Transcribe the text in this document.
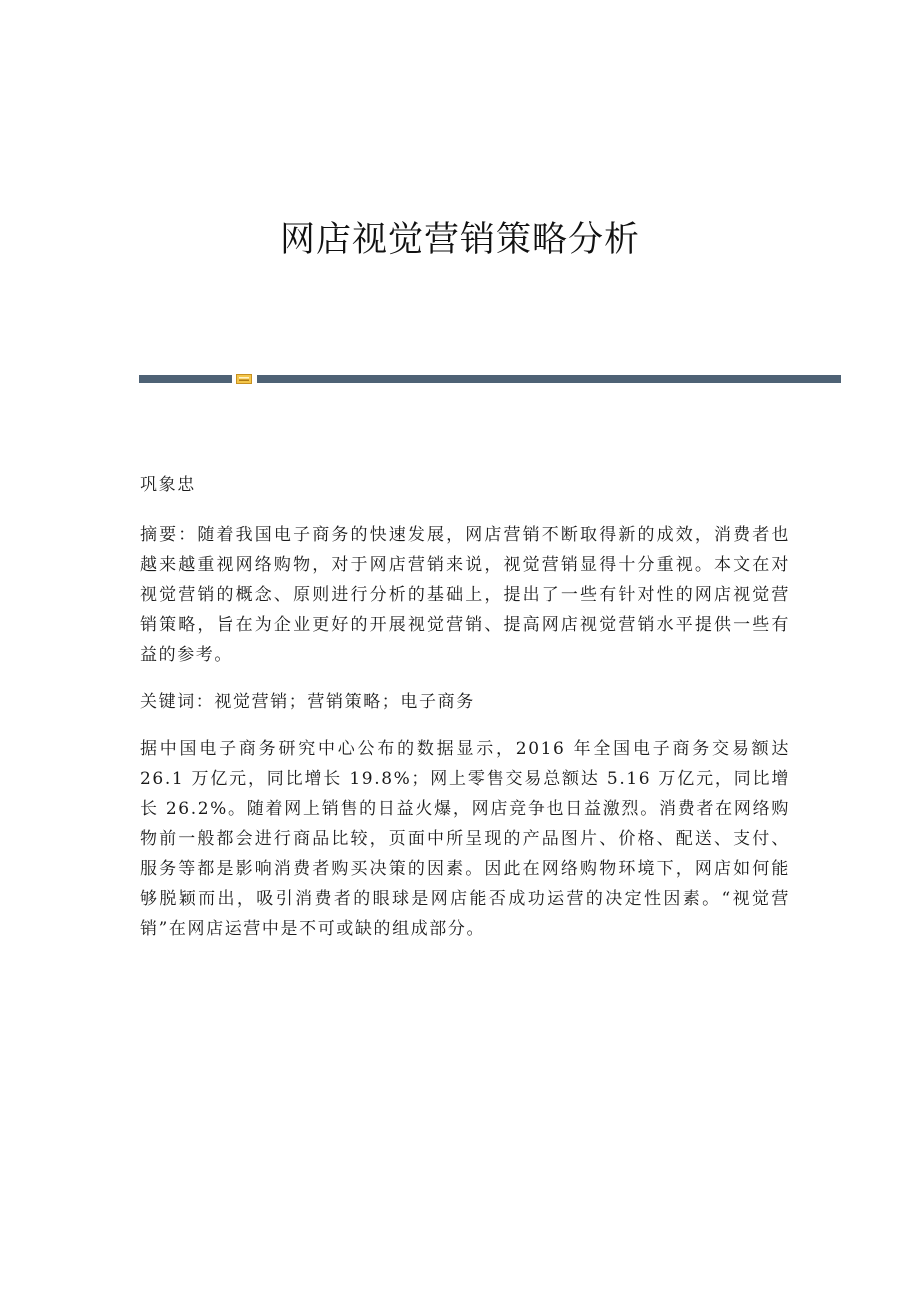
网店视觉营销策略分析

巩象忠

摘要：随着我国电子商务的快速发展，网店营销不断取得新的成效，消费者也越来越重视网络购物，对于网店营销来说，视觉营销显得十分重视。本文在对视觉营销的概念、原则进行分析的基础上，提出了一些有针对性的网店视觉营销策略，旨在为企业更好的开展视觉营销、提高网店视觉营销水平提供一些有益的参考。

关键词：视觉营销；营销策略；电子商务

据中国电子商务研究中心公布的数据显示，2016 年全国电子商务交易额达 26.1 万亿元，同比增长 19.8%；网上零售交易总额达 5.16 万亿元，同比增长 26.2%。随着网上销售的日益火爆，网店竞争也日益激烈。消费者在网络购物前一般都会进行商品比较，页面中所呈现的产品图片、价格、配送、支付、服务等都是影响消费者购买决策的因素。因此在网络购物环境下，网店如何能够脱颖而出，吸引消费者的眼球是网店能否成功运营的决定性因素。“视觉营销”在网店运营中是不可或缺的组成部分。
